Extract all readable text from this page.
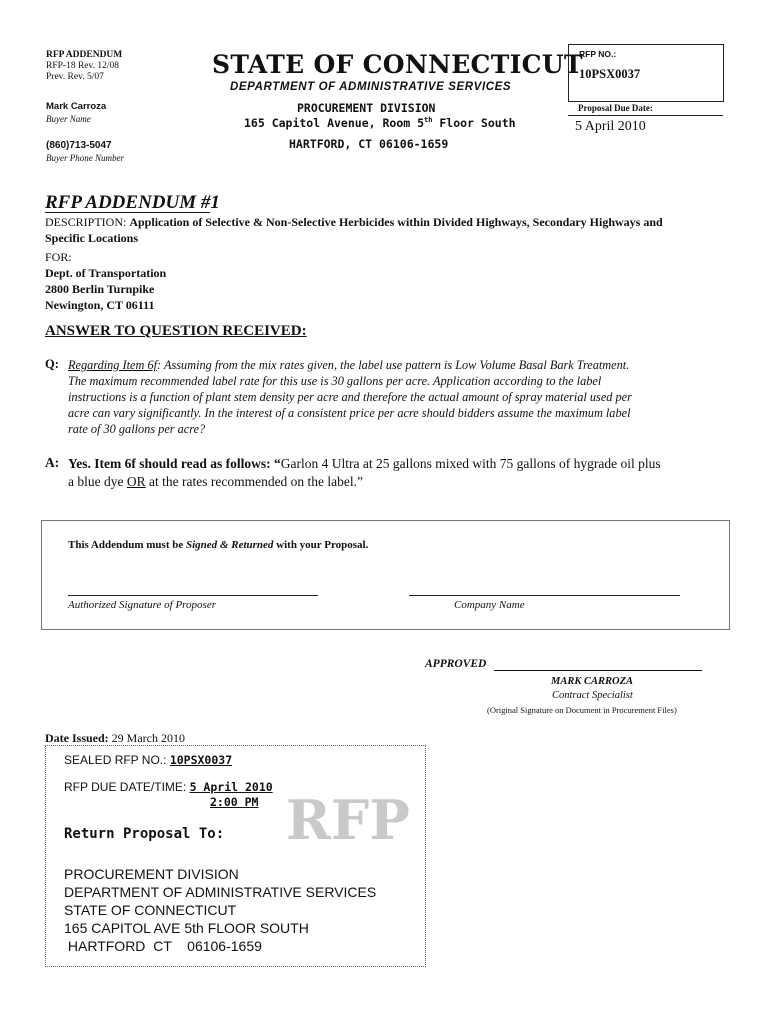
RFP ADDENDUM
RFP-18 Rev. 12/08
Prev. Rev. 5/07
Mark Carroza
Buyer Name
(860)713-5047
Buyer Phone Number
STATE OF CONNECTICUT
DEPARTMENT OF ADMINISTRATIVE SERVICES
PROCUREMENT DIVISION
165 Capitol Avenue, Room 5th Floor South
HARTFORD, CT 06106-1659
RFP NO.:
10PSX0037
Proposal Due Date:
5 April 2010
RFP ADDENDUM #1
DESCRIPTION: Application of Selective & Non-Selective Herbicides within Divided Highways, Secondary Highways and
Specific Locations
FOR:
Dept. of Transportation
2800 Berlin Turnpike
Newington, CT 06111
ANSWER TO QUESTION RECEIVED:
Q: Regarding Item 6f: Assuming from the mix rates given, the label use pattern is Low Volume Basal Bark Treatment.
The maximum recommended label rate for this use is 30 gallons per acre. Application according to the label
instructions is a function of plant stem density per acre and therefore the actual amount of spray material used per
acre can vary significantly. In the interest of a consistent price per acre should bidders assume the maximum label
rate of 30 gallons per acre?
A: Yes. Item 6f should read as follows: “Garlon 4 Ultra at 25 gallons mixed with 75 gallons of hygrade oil plus
a blue dye OR at the rates recommended on the label.”
This Addendum must be Signed & Returned with your Proposal.
Authorized Signature of Proposer	Company Name
APPROVED
MARK CARROZA
Contract Specialist
(Original Signature on Document in Procurement Files)
Date Issued: 29 March 2010
SEALED RFP NO.: 10PSX0037
RFP DUE DATE/TIME: 5 April 2010
2:00 PM RFP
Return Proposal To:
PROCUREMENT DIVISION
DEPARTMENT OF ADMINISTRATIVE SERVICES
STATE OF CONNECTICUT
165 CAPITOL AVE 5th FLOOR SOUTH
HARTFORD  CT    06106-1659
